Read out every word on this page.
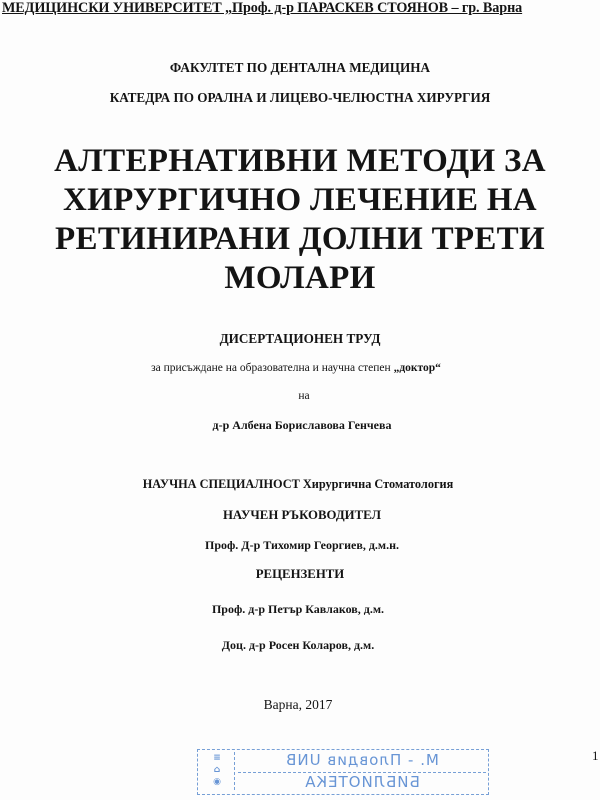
МЕДИЦИНСКИ УНИВЕРСИТЕТ „Проф. д-р ПАРАСКЕВ СТОЯНОВ – гр. Варна
ФАКУЛТЕТ ПО ДЕНТАЛНА МЕДИЦИНА
КАТЕДРА ПО ОРАЛНА И ЛИЦЕВО-ЧЕЛЮСТНА ХИРУРГИЯ
АЛТЕРНАТИВНИ МЕТОДИ ЗА
ХИРУРГИЧНО ЛЕЧЕНИЕ НА
РЕТИНИРАНИ ДОЛНИ ТРЕТИ
МОЛАРИ
ДИСЕРТАЦИОНЕН ТРУД
за присъждане на образователна и научна степен „доктор“
на
д-р Албена Бориславова Генчева
НАУЧНА СПЕЦИАЛНОСТ Хирургична Стоматология
НАУЧЕН РЪКОВОДИТЕЛ
Проф. Д-р Тихомир Георгиев, д.м.н.
РЕЦЕНЗЕНТИ
Проф. д-р Петър Кавлаков, д.м.
Доц. д-р Росен Коларов, д.м.
Варна, 2017
≡
⌂
◉
М. - Пловдив UNB
БИБЛИОТЕКА
1
